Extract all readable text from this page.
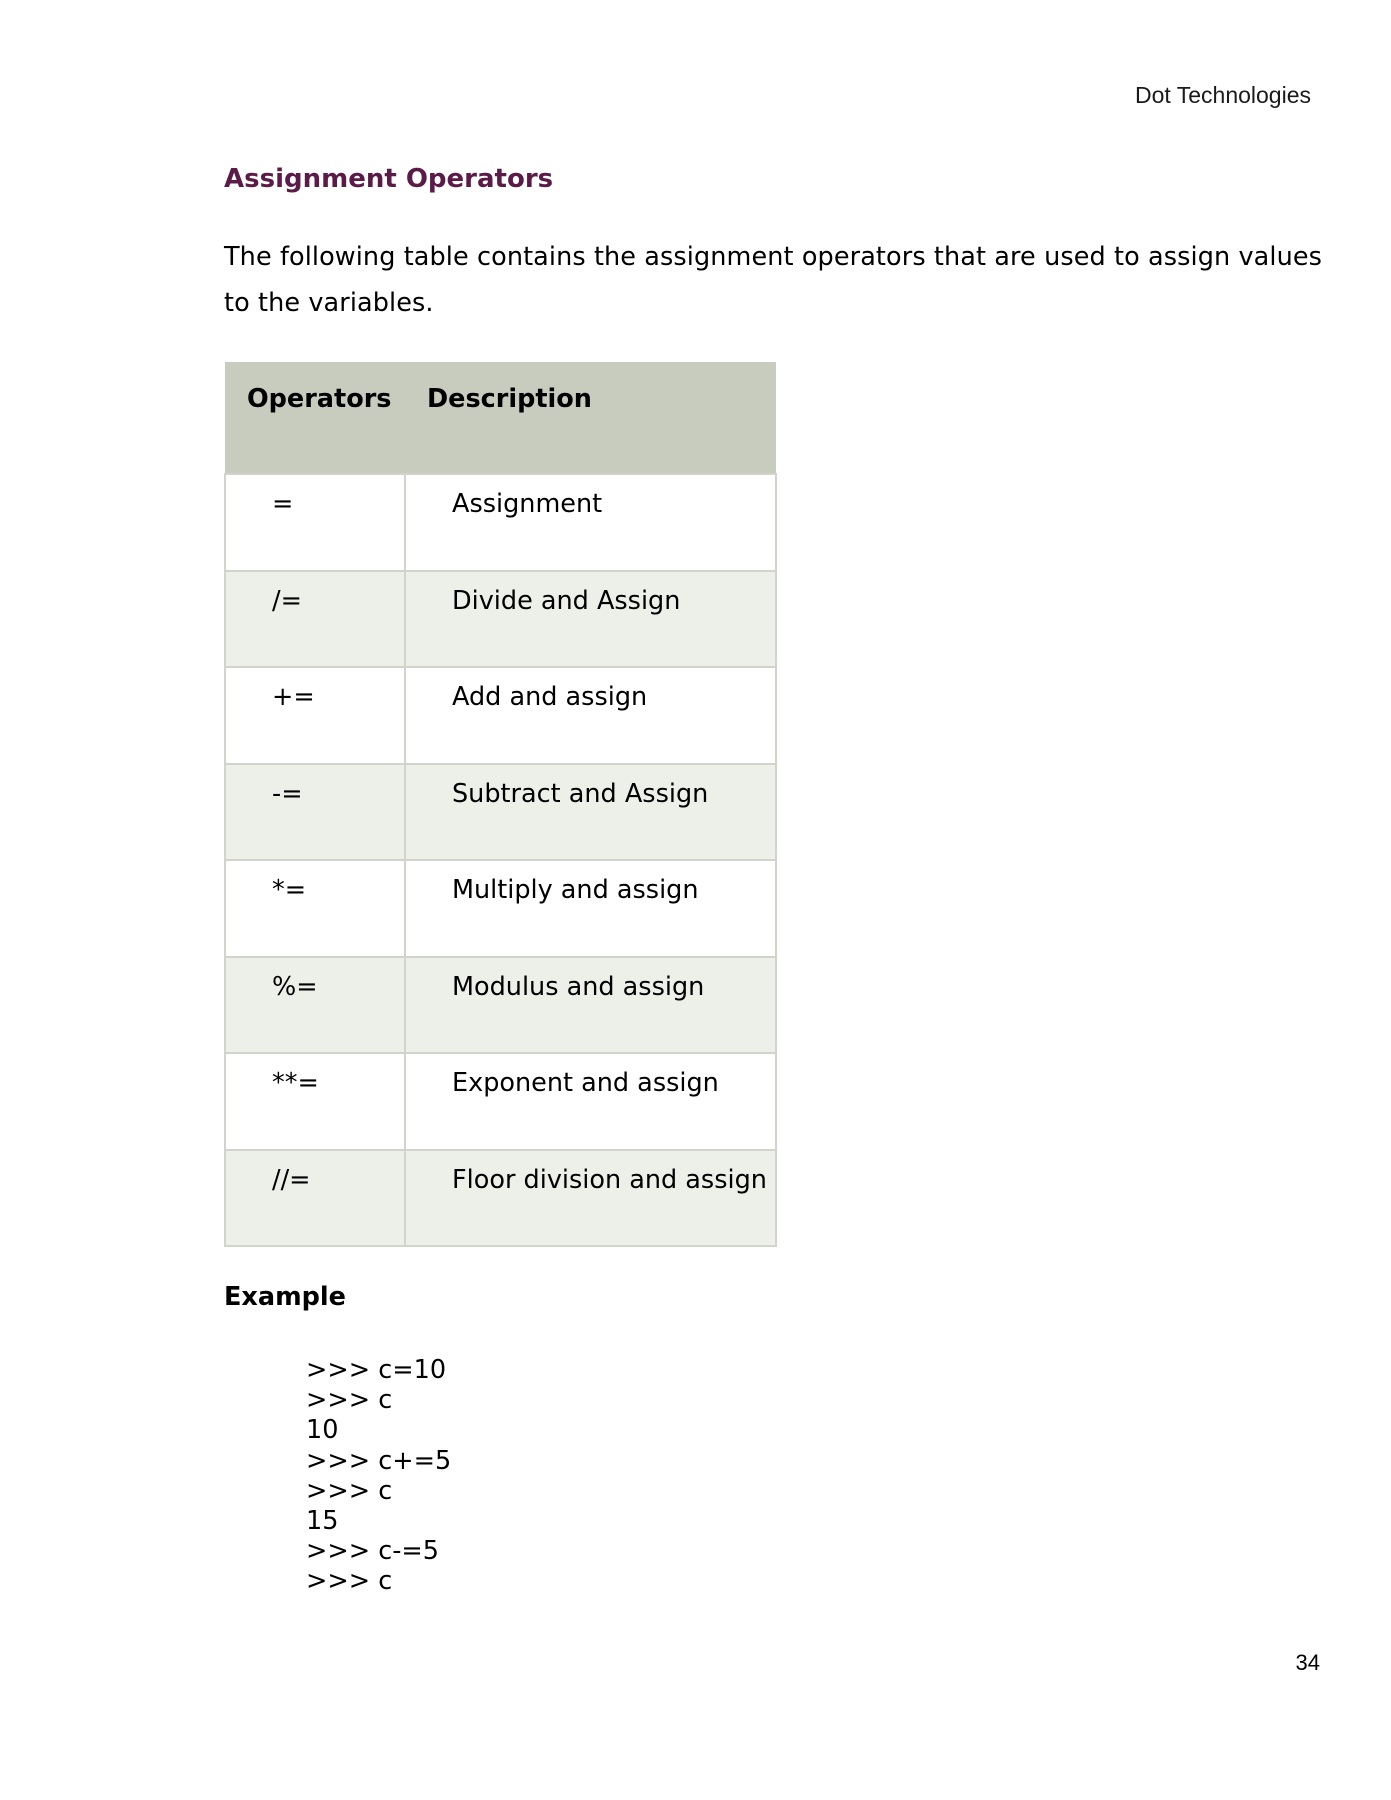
Dot Technologies
Assignment Operators
The following table contains the assignment operators that are used to assign values to the variables.
Operators	Description
=	Assignment
/=	Divide and Assign
+=	Add and assign
-=	Subtract and Assign
*=	Multiply and assign
%=	Modulus and assign
**=	Exponent and assign
//=	Floor division and assign
Example
>>> c=10
>>> c
10
>>> c+=5
>>> c
15
>>> c-=5
>>> c
34
